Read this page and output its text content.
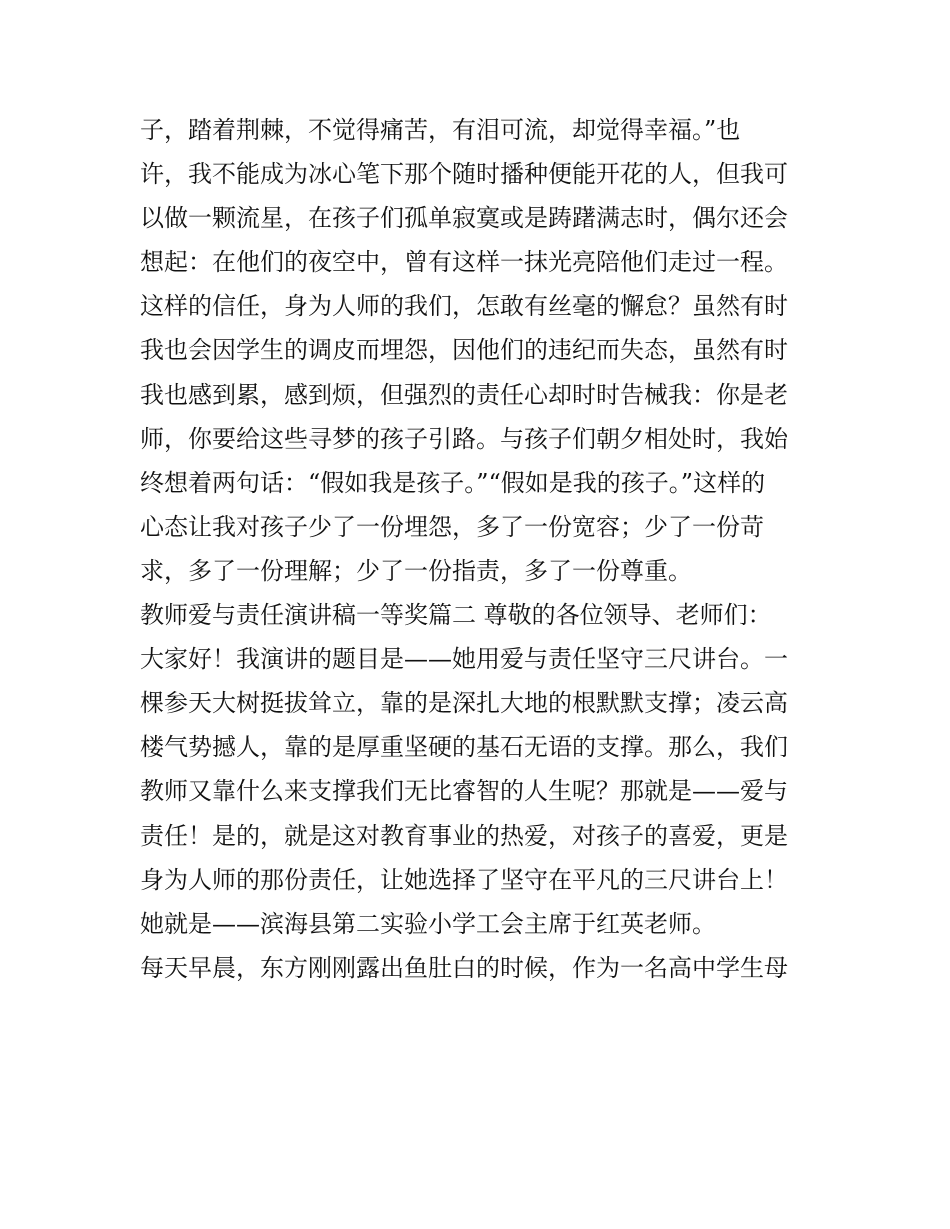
子，踏着荆棘，不觉得痛苦，有泪可流，却觉得幸福。”也
许，我不能成为冰心笔下那个随时播种便能开花的人，但我可
以做一颗流星，在孩子们孤单寂寞或是踌躇满志时，偶尔还会
想起：在他们的夜空中，曾有这样一抹光亮陪他们走过一程。
这样的信任，身为人师的我们，怎敢有丝毫的懈怠？虽然有时
我也会因学生的调皮而埋怨，因他们的违纪而失态，虽然有时
我也感到累，感到烦，但强烈的责任心却时时告械我：你是老
师，你要给这些寻梦的孩子引路。与孩子们朝夕相处时，我始
终想着两句话：“假如我是孩子。”“假如是我的孩子。”这样的
心态让我对孩子少了一份埋怨，多了一份宽容；少了一份苛
求，多了一份理解；少了一份指责，多了一份尊重。
教师爱与责任演讲稿一等奖篇二 尊敬的各位领导、老师们：
大家好！我演讲的题目是——她用爱与责任坚守三尺讲台。一
棵参天大树挺拔耸立，靠的是深扎大地的根默默支撑；凌云高
楼气势撼人，靠的是厚重坚硬的基石无语的支撑。那么，我们
教师又靠什么来支撑我们无比睿智的人生呢？那就是——爱与
责任！是的，就是这对教育事业的热爱，对孩子的喜爱，更是
身为人师的那份责任，让她选择了坚守在平凡的三尺讲台上！
她就是——滨海县第二实验小学工会主席于红英老师。
每天早晨，东方刚刚露出鱼肚白的时候，作为一名高中学生母
